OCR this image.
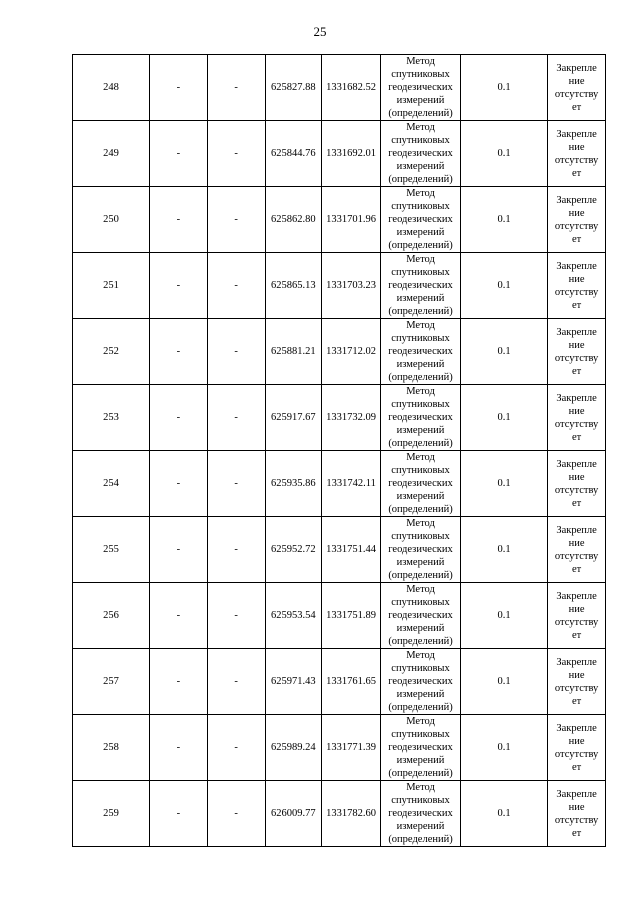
25
248	-	-	625827.88	1331682.52	Метод
спутниковых
геодезических
измерений
(определений)	0.1	Закрепле
ние
отсутству
ет

249	-	-	625844.76	1331692.01	Метод
спутниковых
геодезических
измерений
(определений)	0.1	Закрепле
ние
отсутству
ет

250	-	-	625862.80	1331701.96	Метод
спутниковых
геодезических
измерений
(определений)	0.1	Закрепле
ние
отсутству
ет

251	-	-	625865.13	1331703.23	Метод
спутниковых
геодезических
измерений
(определений)	0.1	Закрепле
ние
отсутству
ет

252	-	-	625881.21	1331712.02	Метод
спутниковых
геодезических
измерений
(определений)	0.1	Закрепле
ние
отсутству
ет

253	-	-	625917.67	1331732.09	Метод
спутниковых
геодезических
измерений
(определений)	0.1	Закрепле
ние
отсутству
ет

254	-	-	625935.86	1331742.11	Метод
спутниковых
геодезических
измерений
(определений)	0.1	Закрепле
ние
отсутству
ет

255	-	-	625952.72	1331751.44	Метод
спутниковых
геодезических
измерений
(определений)	0.1	Закрепле
ние
отсутству
ет

256	-	-	625953.54	1331751.89	Метод
спутниковых
геодезических
измерений
(определений)	0.1	Закрепле
ние
отсутству
ет

257	-	-	625971.43	1331761.65	Метод
спутниковых
геодезических
измерений
(определений)	0.1	Закрепле
ние
отсутству
ет

258	-	-	625989.24	1331771.39	Метод
спутниковых
геодезических
измерений
(определений)	0.1	Закрепле
ние
отсутству
ет

259	-	-	626009.77	1331782.60	Метод
спутниковых
геодезических
измерений
(определений)	0.1	Закрепле
ние
отсутству
ет
